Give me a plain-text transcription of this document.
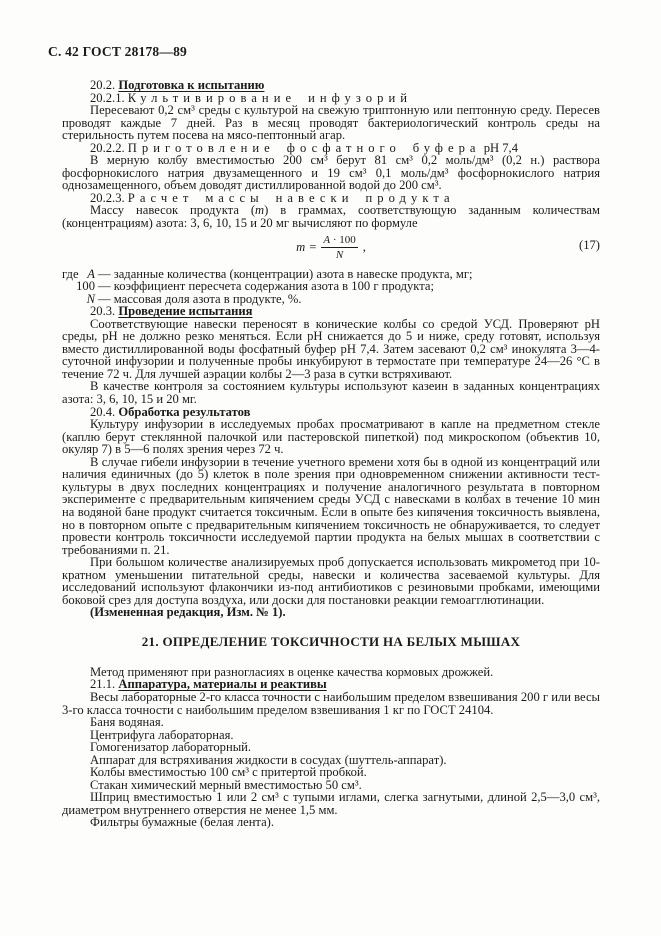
С. 42 ГОСТ 28178—89

20.2. Подготовка к испытанию

20.2.1. Культивирование инфузорий

Пересевают 0,2 см³ среды с культурой на свежую триптонную или пептонную среду. Пересев проводят каждые 7 дней. Раз в месяц проводят бактериологический контроль среды на стерильность путем посева на мясо-пептонный агар.

20.2.2. Приготовление фосфатного буфера рН 7,4

В мерную колбу вместимостью 200 см³ берут 81 см³ 0,2 моль/дм³ (0,2 н.) раствора фосфорнокислого натрия двузамещенного и 19 см³ 0,1 моль/дм³ фосфорнокислого натрия однозамещенного, объем доводят дистиллированной водой до 200 см³.

20.2.3. Расчет массы навески продукта

Массу навесок продукта (m) в граммах, соответствующую заданным количествам (концентрациям) азота: 3, 6, 10, 15 и 20 мг вычисляют по формуле

$m = \frac{A \cdot 100}{N}$ ,	(17)
где A — заданные количества (концентрации) азота в навеске продукта, мг;
100 — коэффициент пересчета содержания азота в 100 г продукта;
N — массовая доля азота в продукте, %.

20.3. Проведение испытания

Соответствующие навески переносят в конические колбы со средой УСД. Проверяют рН среды, рН не должно резко меняться. Если рН снижается до 5 и ниже, среду готовят, используя вместо дистиллированной воды фосфатный буфер рН 7,4. Затем засевают 0,2 см³ инокулята 3—4-суточной инфузории и полученные пробы инкубируют в термостате при температуре 24—26 °С в течение 72 ч. Для лучшей аэрации колбы 2—3 раза в сутки встряхивают.

В качестве контроля за состоянием культуры используют казеин в заданных концентрациях азота: 3, 6, 10, 15 и 20 мг.

20.4. Обработка результатов

Культуру инфузории в исследуемых пробах просматривают в капле на предметном стекле (каплю берут стеклянной палочкой или пастеровской пипеткой) под микроскопом (объектив 10, окуляр 7) в 5—6 полях зрения через 72 ч.

В случае гибели инфузории в течение учетного времени хотя бы в одной из концентраций или наличия единичных (до 5) клеток в поле зрения при одновременном снижении активности тест-культуры в двух последних концентрациях и получение аналогичного результата в повторном эксперименте с предварительным кипячением среды УСД с навесками в колбах в течение 10 мин на водяной бане продукт считается токсичным. Если в опыте без кипячения токсичность выявлена, но в повторном опыте с предварительным кипячением токсичность не обнаруживается, то следует провести контроль токсичности исследуемой партии продукта на белых мышах в соответствии с требованиями п. 21.

При большом количестве анализируемых проб допускается использовать микрометод при 10-кратном уменьшении питательной среды, навески и количества засеваемой культуры. Для исследований используют флакончики из-под антибиотиков с резиновыми пробками, имеющими боковой срез для доступа воздуха, или доски для постановки реакции гемоагглютинации.

(Измененная редакция, Изм. № 1).

21. ОПРЕДЕЛЕНИЕ ТОКСИЧНОСТИ НА БЕЛЫХ МЫШАХ

Метод применяют при разногласиях в оценке качества кормовых дрожжей.

21.1. Аппаратура, материалы и реактивы

Весы лабораторные 2-го класса точности с наибольшим пределом взвешивания 200 г или весы 3-го класса точности с наибольшим пределом взвешивания 1 кг по ГОСТ 24104.

Баня водяная.

Центрифуга лабораторная.

Гомогенизатор лабораторный.

Аппарат для встряхивания жидкости в сосудах (шуттель-аппарат).

Колбы вместимостью 100 см³ с притертой пробкой.

Стакан химический мерный вместимостью 50 см³.

Шприц вместимостью 1 или 2 см³ с тупыми иглами, слегка загнутыми, длиной 2,5—3,0 см³, диаметром внутреннего отверстия не менее 1,5 мм.

Фильтры бумажные (белая лента).
